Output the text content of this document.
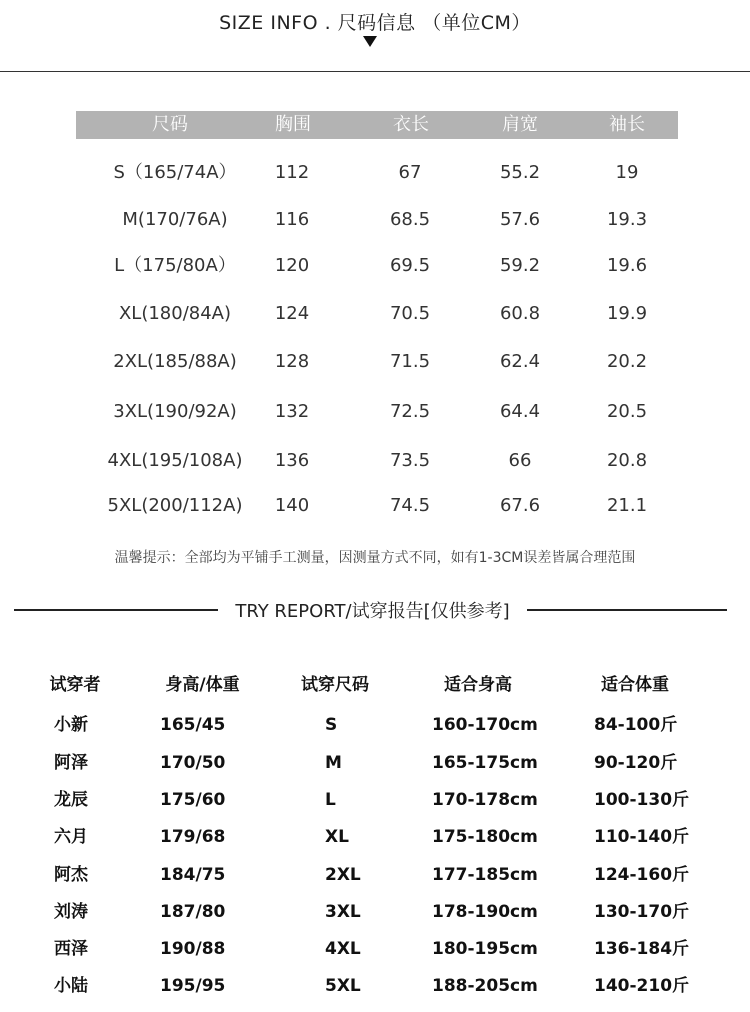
SIZE INFO . 尺码信息 （单位CM）
尺码	胸围	衣长	肩宽	袖长
S（165/74A）	112	67	55.2	19
M(170/76A)	116	68.5	57.6	19.3
L（175/80A）	120	69.5	59.2	19.6
XL(180/84A)	124	70.5	60.8	19.9
2XL(185/88A)	128	71.5	62.4	20.2
3XL(190/92A)	132	72.5	64.4	20.5
4XL(195/108A)	136	73.5	66	20.8
5XL(200/112A)	140	74.5	67.6	21.1
温馨提示：全部均为平铺手工测量，因测量方式不同，如有1-3CM误差皆属合理范围
TRY REPORT/试穿报告[仅供参考]
试穿者	身高/体重	试穿尺码	适合身高	适合体重
小新	165/45	S	160-170cm	84-100斤
阿泽	170/50	M	165-175cm	90-120斤
龙辰	175/60	L	170-178cm	100-130斤
六月	179/68	XL	175-180cm	110-140斤
阿杰	184/75	2XL	177-185cm	124-160斤
刘涛	187/80	3XL	178-190cm	130-170斤
西泽	190/88	4XL	180-195cm	136-184斤
小陆	195/95	5XL	188-205cm	140-210斤
